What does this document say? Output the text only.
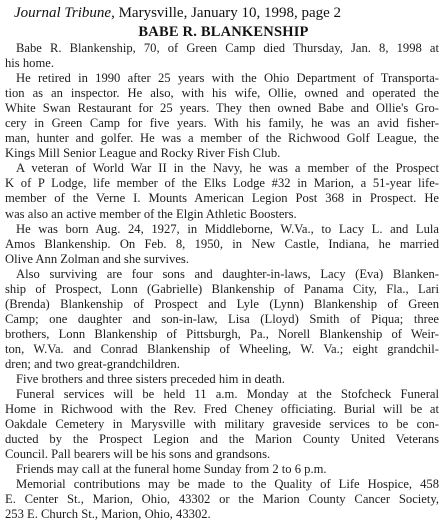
Journal Tribune, Marysville, January 10, 1998, page 2
BABE R. BLANKENSHIP
Babe R. Blankenship, 70, of Green Camp died Thursday, Jan. 8, 1998 at
his home.
He retired in 1990 after 25 years with the Ohio Department of Transporta-
tion as an inspector. He also, with his wife, Ollie, owned and operated the
White Swan Restaurant for 25 years. They then owned Babe and Ollie's Gro-
cery in Green Camp for five years. With his family, he was an avid fisher-
man, hunter and golfer. He was a member of the Richwood Golf League, the
Kings Mill Senior League and Rocky River Fish Club.
A veteran of World War II in the Navy, he was a member of the Prospect
K of P Lodge, life member of the Elks Lodge #32 in Marion, a 51-year life-
member of the Verne I. Mounts American Legion Post 368 in Prospect. He
was also an active member of the Elgin Athletic Boosters.
He was born Aug. 24, 1927, in Middleborne, W.Va., to Lacy L. and Lula
Amos Blankenship. On Feb. 8, 1950, in New Castle, Indiana, he married
Olive Ann Zolman and she survives.
Also surviving are four sons and daughter-in-laws, Lacy (Eva) Blanken-
ship of Prospect, Lonn (Gabrielle) Blankenship of Panama City, Fla., Lari
(Brenda) Blankenship of Prospect and Lyle (Lynn) Blankenship of Green
Camp; one daughter and son-in-law, Lisa (Lloyd) Smith of Piqua; three
brothers, Lonn Blankenship of Pittsburgh, Pa., Norell Blankenship of Weir-
ton, W.Va. and Conrad Blankenship of Wheeling, W. Va.; eight grandchil-
dren; and two great-grandchildren.
Five brothers and three sisters preceded him in death.
Funeral services will be held 11 a.m. Monday at the Stofcheck Funeral
Home in Richwood with the Rev. Fred Cheney officiating. Burial will be at
Oakdale Cemetery in Marysville with military graveside services to be con-
ducted by the Prospect Legion and the Marion County United Veterans
Council. Pall bearers will be his sons and grandsons.
Friends may call at the funeral home Sunday from 2 to 6 p.m.
Memorial contributions may be made to the Quality of Life Hospice, 458
E. Center St., Marion, Ohio, 43302 or the Marion County Cancer Society,
253 E. Church St., Marion, Ohio, 43302.
